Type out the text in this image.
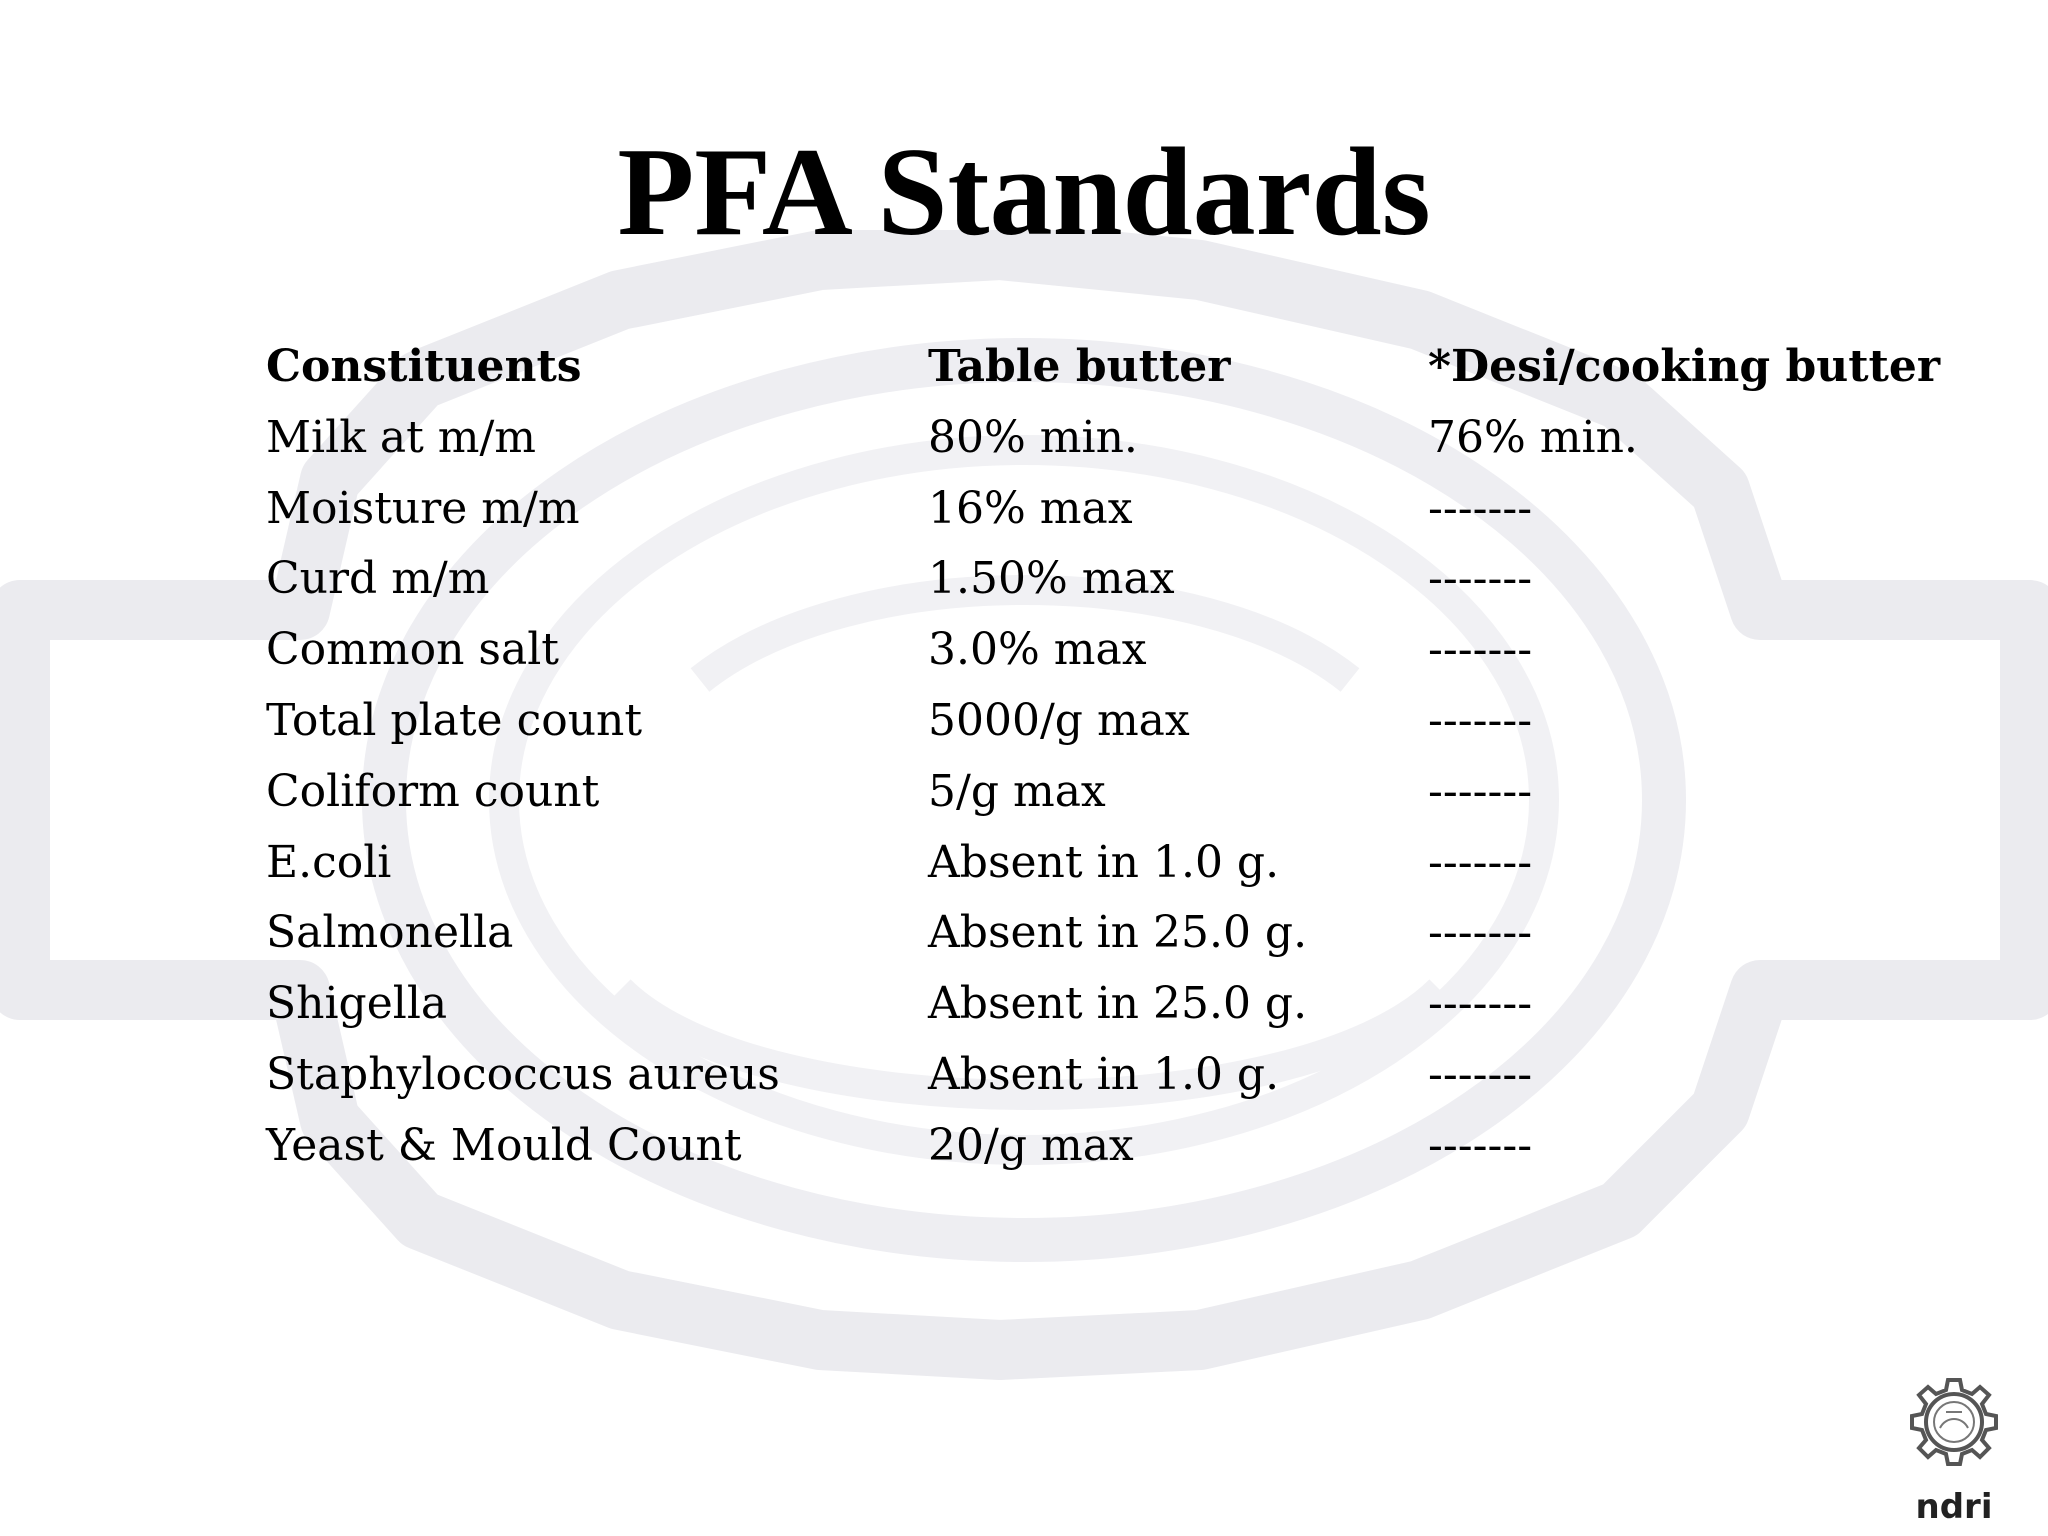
PFA Standards
Constituents	Table butter	*Desi/cooking butter
Milk at m/m	80% min.	76% min.
Moisture m/m	16% max	-------
Curd m/m	1.50% max	-------
Common salt	3.0% max	-------
Total plate count	5000/g max	-------
Coliform count	5/g max	-------
E.coli	Absent in 1.0 g.	-------
Salmonella	Absent in 25.0 g.	-------
Shigella	Absent in 25.0 g.	-------
Staphylococcus aureus	Absent in 1.0 g.	-------
Yeast & Mould Count	20/g max	-------
ndri
